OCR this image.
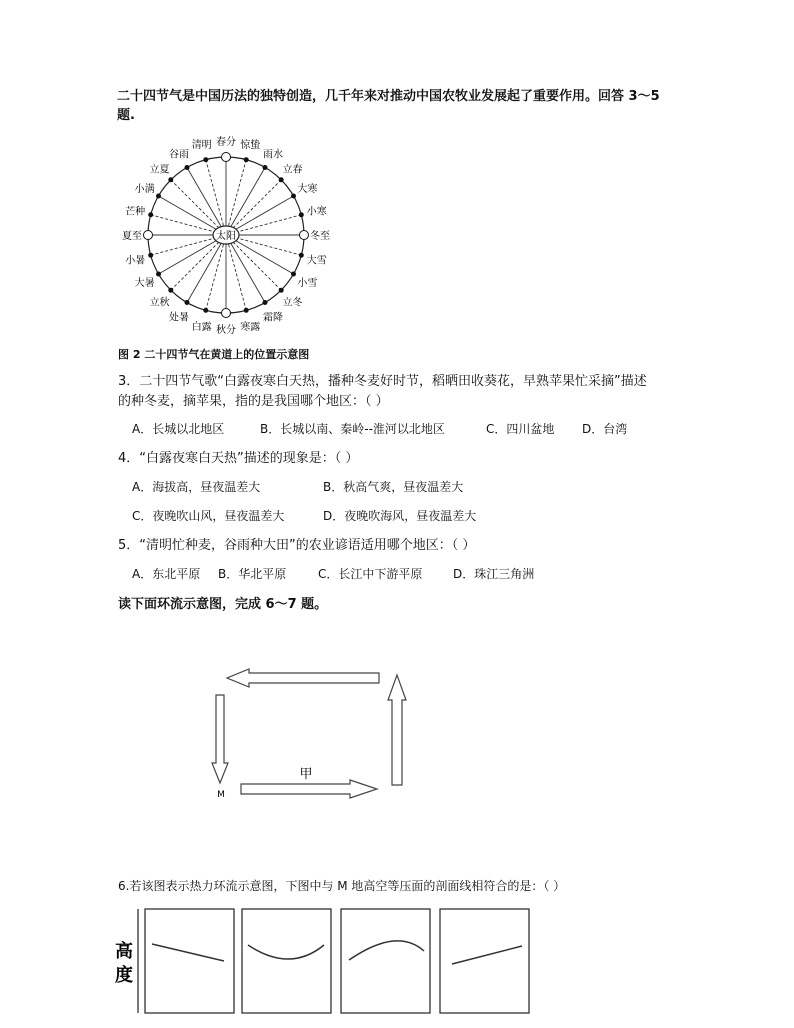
二十四节气是中国历法的独特创造，几千年来对推动中国农牧业发展起了重要作用。回答 3～5
题.
太阳	冬至
小寒
大寒
立春
雨水
惊蛰
春分
清明
谷雨
立夏
小满
芒种
夏至
小暑
大暑
立秋
处暑
白露 秋分 寒露
霜降
立冬
小雪
大雪
图 2 二十四节气在黄道上的位置示意图
3．二十四节气歌“白露夜寒白天热，播种冬麦好时节，稻晒田收葵花，早熟苹果忙采摘”描述
的种冬麦，摘苹果，指的是我国哪个地区：（ ）
A．长城以北地区	B．长城以南、秦岭--淮河以北地区	C．四川盆地 D．台湾
4．“白露夜寒白天热”描述的现象是：（ ）
A．海拔高，昼夜温差大	B．秋高气爽，昼夜温差大
C．夜晚吹山风，昼夜温差大	D．夜晚吹海风，昼夜温差大
5．“清明忙种麦，谷雨种大田”的农业谚语适用哪个地区：（ ）
A．东北平原 B．华北平原	C．长江中下游平原	D．珠江三角洲
读下面环流示意图，完成 6～7 题。
甲
M
6.若该图表示热力环流示意图，下图中与 M 地高空等压面的剖面线相符合的是：（ ）
高
度
